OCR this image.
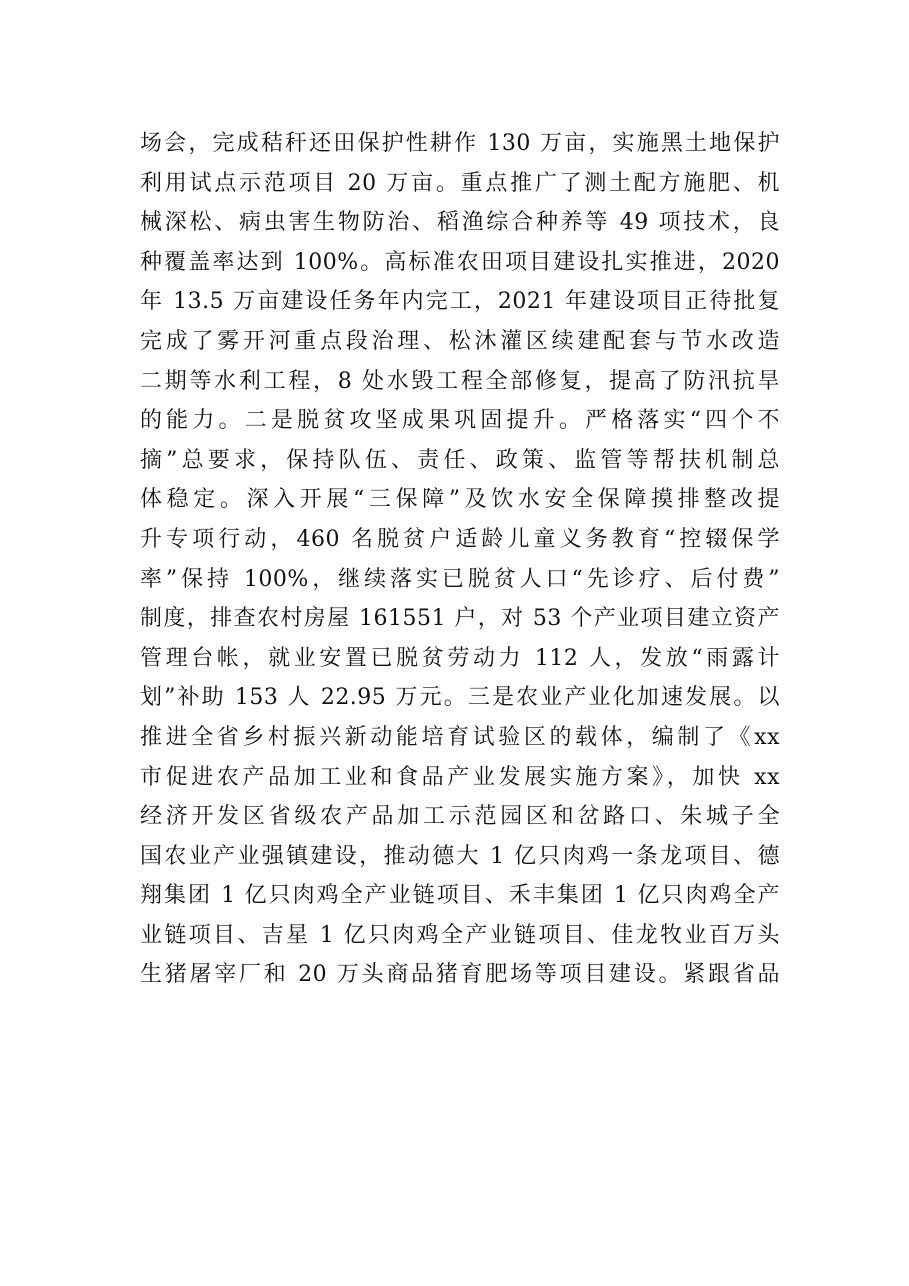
场会，完成秸秆还田保护性耕作 130 万亩，实施黑土地保护
利用试点示范项目 20 万亩。重点推广了测土配方施肥、机
械深松、病虫害生物防治、稻渔综合种养等 49 项技术，良
种覆盖率达到 100%。高标准农田项目建设扎实推进，2020
年 13.5 万亩建设任务年内完工，2021 年建设项目正待批复
完成了雾开河重点段治理、松沐灌区续建配套与节水改造
二期等水利工程，8 处水毁工程全部修复，提高了防汛抗旱
的能力。二是脱贫攻坚成果巩固提升。严格落实“四个不
摘”总要求，保持队伍、责任、政策、监管等帮扶机制总
体稳定。深入开展“三保障”及饮水安全保障摸排整改提
升专项行动，460 名脱贫户适龄儿童义务教育“控辍保学
率”保持 100%，继续落实已脱贫人口“先诊疗、后付费”
制度，排查农村房屋 161551 户，对 53 个产业项目建立资产
管理台帐，就业安置已脱贫劳动力 112 人，发放“雨露计
划”补助 153 人 22.95 万元。三是农业产业化加速发展。以
推进全省乡村振兴新动能培育试验区的载体，编制了《xx
市促进农产品加工业和食品产业发展实施方案》，加快 xx
经济开发区省级农产品加工示范园区和岔路口、朱城子全
国农业产业强镇建设，推动德大 1 亿只肉鸡一条龙项目、德
翔集团 1 亿只肉鸡全产业链项目、禾丰集团 1 亿只肉鸡全产
业链项目、吉星 1 亿只肉鸡全产业链项目、佳龙牧业百万头
生猪屠宰厂和 20 万头商品猪育肥场等项目建设。紧跟省品
